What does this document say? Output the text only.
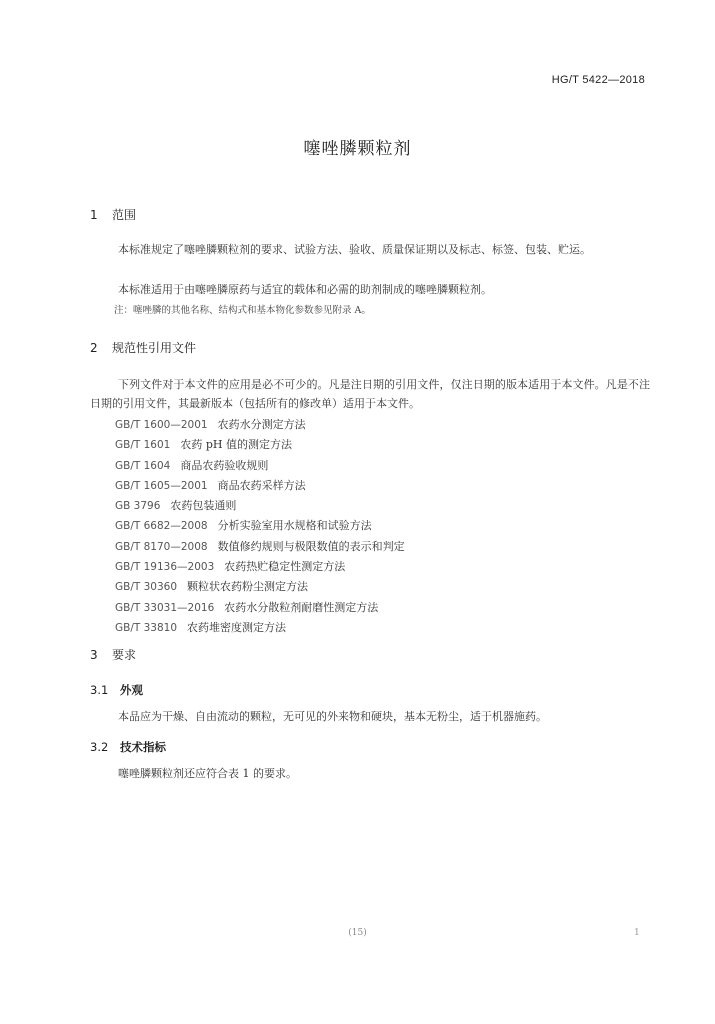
HG/T 5422—2018
噻唑膦颗粒剂
1 范围

本标准规定了噻唑膦颗粒剂的要求、试验方法、验收、质量保证期以及标志、标签、包装、贮运。

本标准适用于由噻唑膦原药与适宜的载体和必需的助剂制成的噻唑膦颗粒剂。

注：噻唑膦的其他名称、结构式和基本物化参数参见附录 A。
2 规范性引用文件

下列文件对于本文件的应用是必不可少的。凡是注日期的引用文件，仅注日期的版本适用于本文件。凡是不注日期的引用文件，其最新版本（包括所有的修改单）适用于本文件。

GB/T 1600—2001 农药水分测定方法
GB/T 1601 农药 pH 值的测定方法
GB/T 1604 商品农药验收规则
GB/T 1605—2001 商品农药采样方法
GB 3796 农药包装通则
GB/T 6682—2008 分析实验室用水规格和试验方法
GB/T 8170—2008 数值修约规则与极限数值的表示和判定
GB/T 19136—2003 农药热贮稳定性测定方法
GB/T 30360 颗粒状农药粉尘测定方法
GB/T 33031—2016 农药水分散粒剂耐磨性测定方法
GB/T 33810 农药堆密度测定方法
3 要求
3.1 外观

本品应为干燥、自由流动的颗粒，无可见的外来物和硬块，基本无粉尘，适于机器施药。

3.2 技术指标

噻唑膦颗粒剂还应符合表 1 的要求。

(15)	1
